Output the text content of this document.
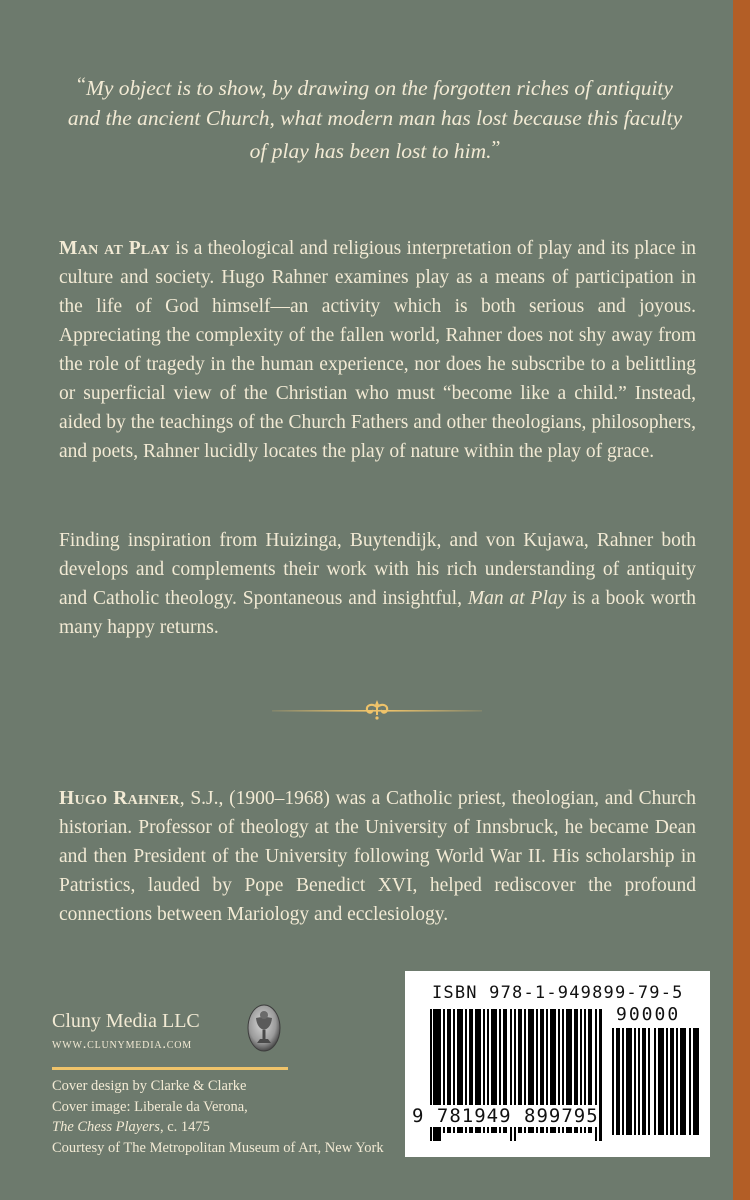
“My object is to show, by drawing on the forgotten riches of antiquity and the ancient Church, what modern man has lost because this faculty of play has been lost to him.”
Man at Play is a theological and religious interpretation of play and its place in culture and society. Hugo Rahner examines play as a means of participation in the life of God himself—an activity which is both serious and joyous. Appreciating the complexity of the fallen world, Rahner does not shy away from the role of tragedy in the human experience, nor does he subscribe to a belittling or superficial view of the Christian who must “become like a child.” Instead, aided by the teachings of the Church Fathers and other theologians, philosophers, and poets, Rahner lucidly locates the play of nature within the play of grace.
Finding inspiration from Huizinga, Buytendijk, and von Kujawa, Rahner both develops and complements their work with his rich understanding of antiquity and Catholic theology. Spontaneous and insightful, Man at Play is a book worth many happy returns.
Hugo Rahner, S.J., (1900–1968) was a Catholic priest, theologian, and Church historian. Professor of theology at the University of Innsbruck, he became Dean and then President of the University following World War II. His scholarship in Patristics, lauded by Pope Benedict XVI, helped rediscover the profound connections between Mariology and ecclesiology.
Cluny Media LLC
www.clunymedia.com
Cover design by Clarke & Clarke
Cover image: Liberale da Verona,
The Chess Players, c. 1475
Courtesy of The Metropolitan Museum of Art, New York
ISBN 978-1-949899-79-5
90000
9 781949 899795
